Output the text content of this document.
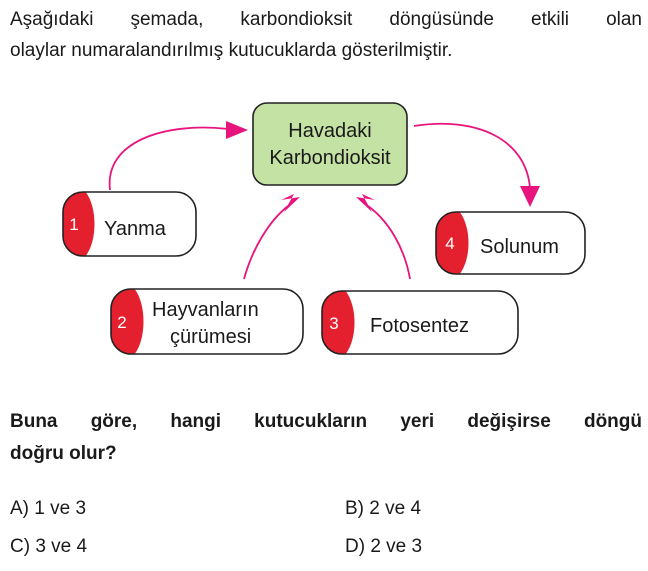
Aşağıdaki şemada, karbondioksit döngüsünde etkili olan
olaylar numaralandırılmış kutucuklarda gösterilmiştir.
Havadaki
Karbondioksit
1 Yanma
2
Hayvanların
çürümesi
3 Fotosentez
4 Solunum
Buna göre, hangi kutucukların yeri değişirse döngü
doğru olur?
A) 1 ve 3	B) 2 ve 4
C) 3 ve 4	D) 2 ve 3
